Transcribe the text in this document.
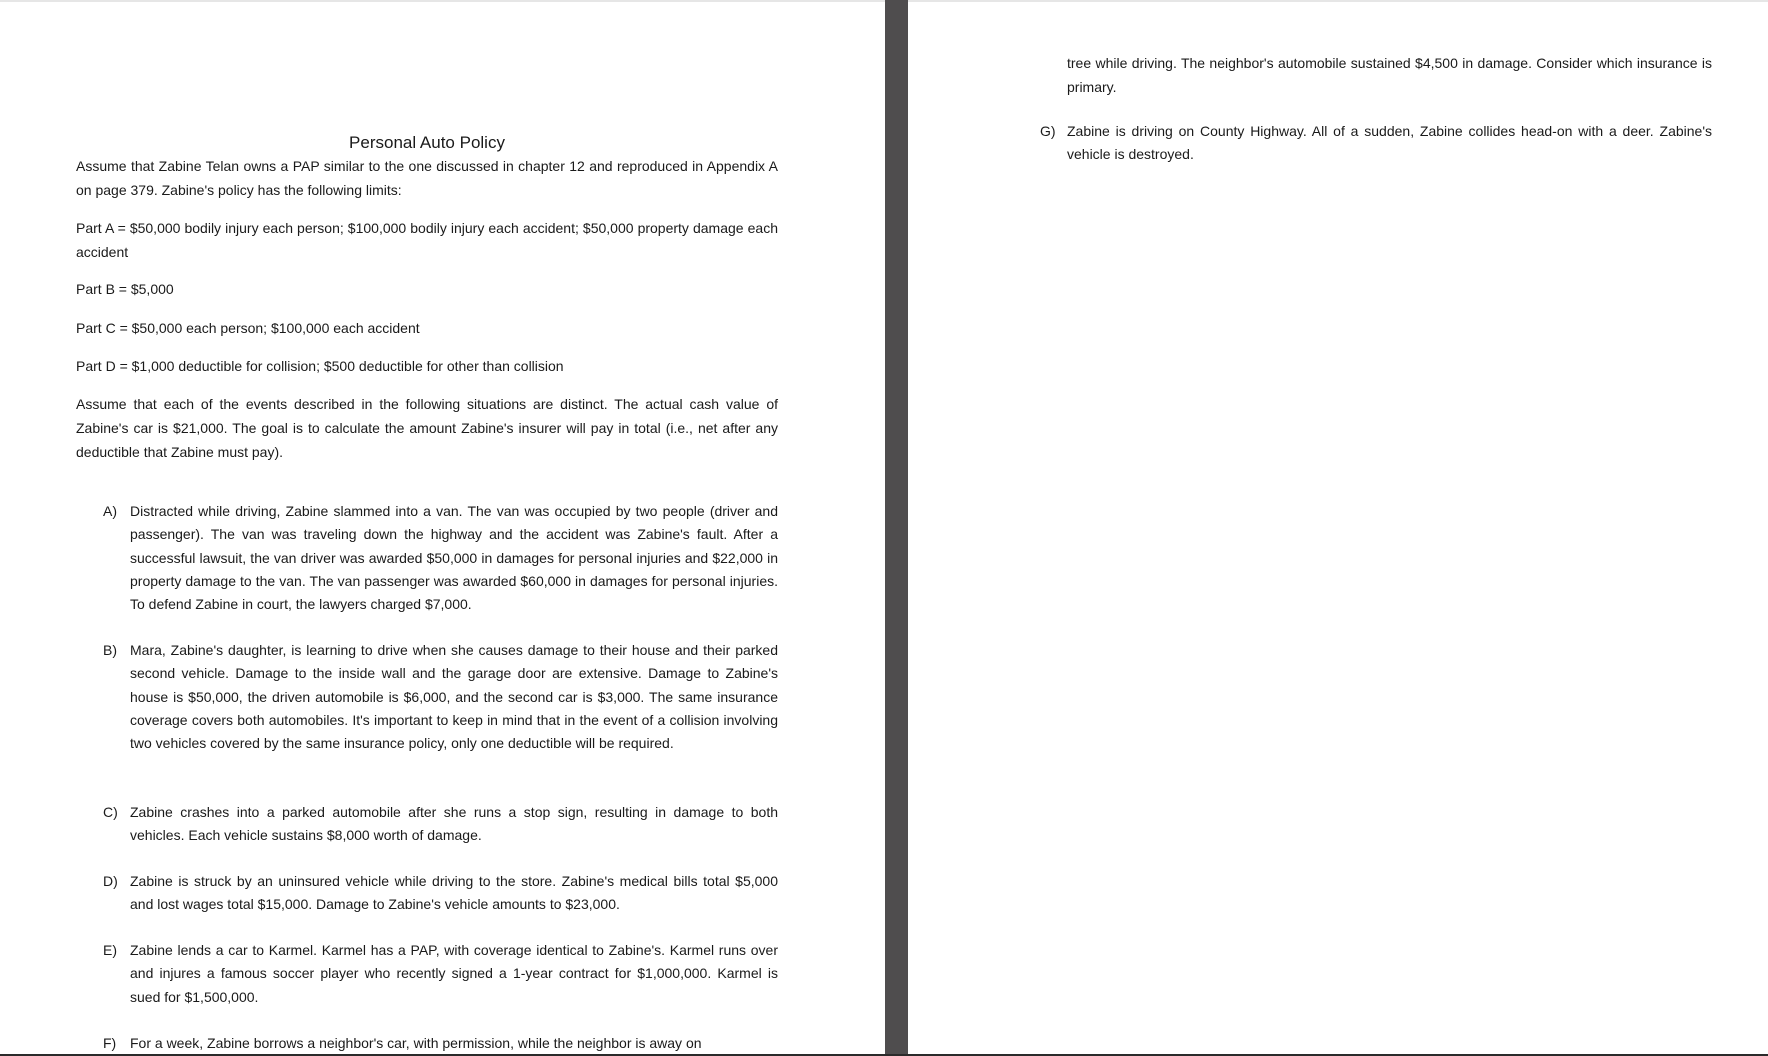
Personal Auto Policy

Assume that Zabine Telan owns a PAP similar to the one discussed in chapter 12 and reproduced in Appendix A on page 379. Zabine's policy has the following limits:

Part A = $50,000 bodily injury each person; $100,000 bodily injury each accident; $50,000 property damage each accident

Part B = $5,000

Part C = $50,000 each person; $100,000 each accident

Part D = $1,000 deductible for collision; $500 deductible for other than collision

Assume that each of the events described in the following situations are distinct. The actual cash value of Zabine's car is $21,000. The goal is to calculate the amount Zabine's insurer will pay in total (i.e., net after any deductible that Zabine must pay).

A) Distracted while driving, Zabine slammed into a van. The van was occupied by two people (driver and passenger). The van was traveling down the highway and the accident was Zabine's fault. After a successful lawsuit, the van driver was awarded $50,000 in damages for personal injuries and $22,000 in property damage to the van. The van passenger was awarded $60,000 in damages for personal injuries. To defend Zabine in court, the lawyers charged $7,000.
B) Mara, Zabine's daughter, is learning to drive when she causes damage to their house and their parked second vehicle. Damage to the inside wall and the garage door are extensive. Damage to Zabine's house is $50,000, the driven automobile is $6,000, and the second car is $3,000. The same insurance coverage covers both automobiles. It's important to keep in mind that in the event of a collision involving two vehicles covered by the same insurance policy, only one deductible will be required.
C) Zabine crashes into a parked automobile after she runs a stop sign, resulting in damage to both vehicles. Each vehicle sustains $8,000 worth of damage.
D) Zabine is struck by an uninsured vehicle while driving to the store. Zabine's medical bills total $5,000 and lost wages total $15,000. Damage to Zabine's vehicle amounts to $23,000.
E) Zabine lends a car to Karmel. Karmel has a PAP, with coverage identical to Zabine's. Karmel runs over and injures a famous soccer player who recently signed a 1-year contract for $1,000,000. Karmel is sued for $1,500,000.
F) For a week, Zabine borrows a neighbor's car, with permission, while the neighbor is away on

tree while driving. The neighbor's automobile sustained $4,500 in damage. Consider which insurance is primary.

G) Zabine is driving on County Highway. All of a sudden, Zabine collides head-on with a deer. Zabine's vehicle is destroyed.
